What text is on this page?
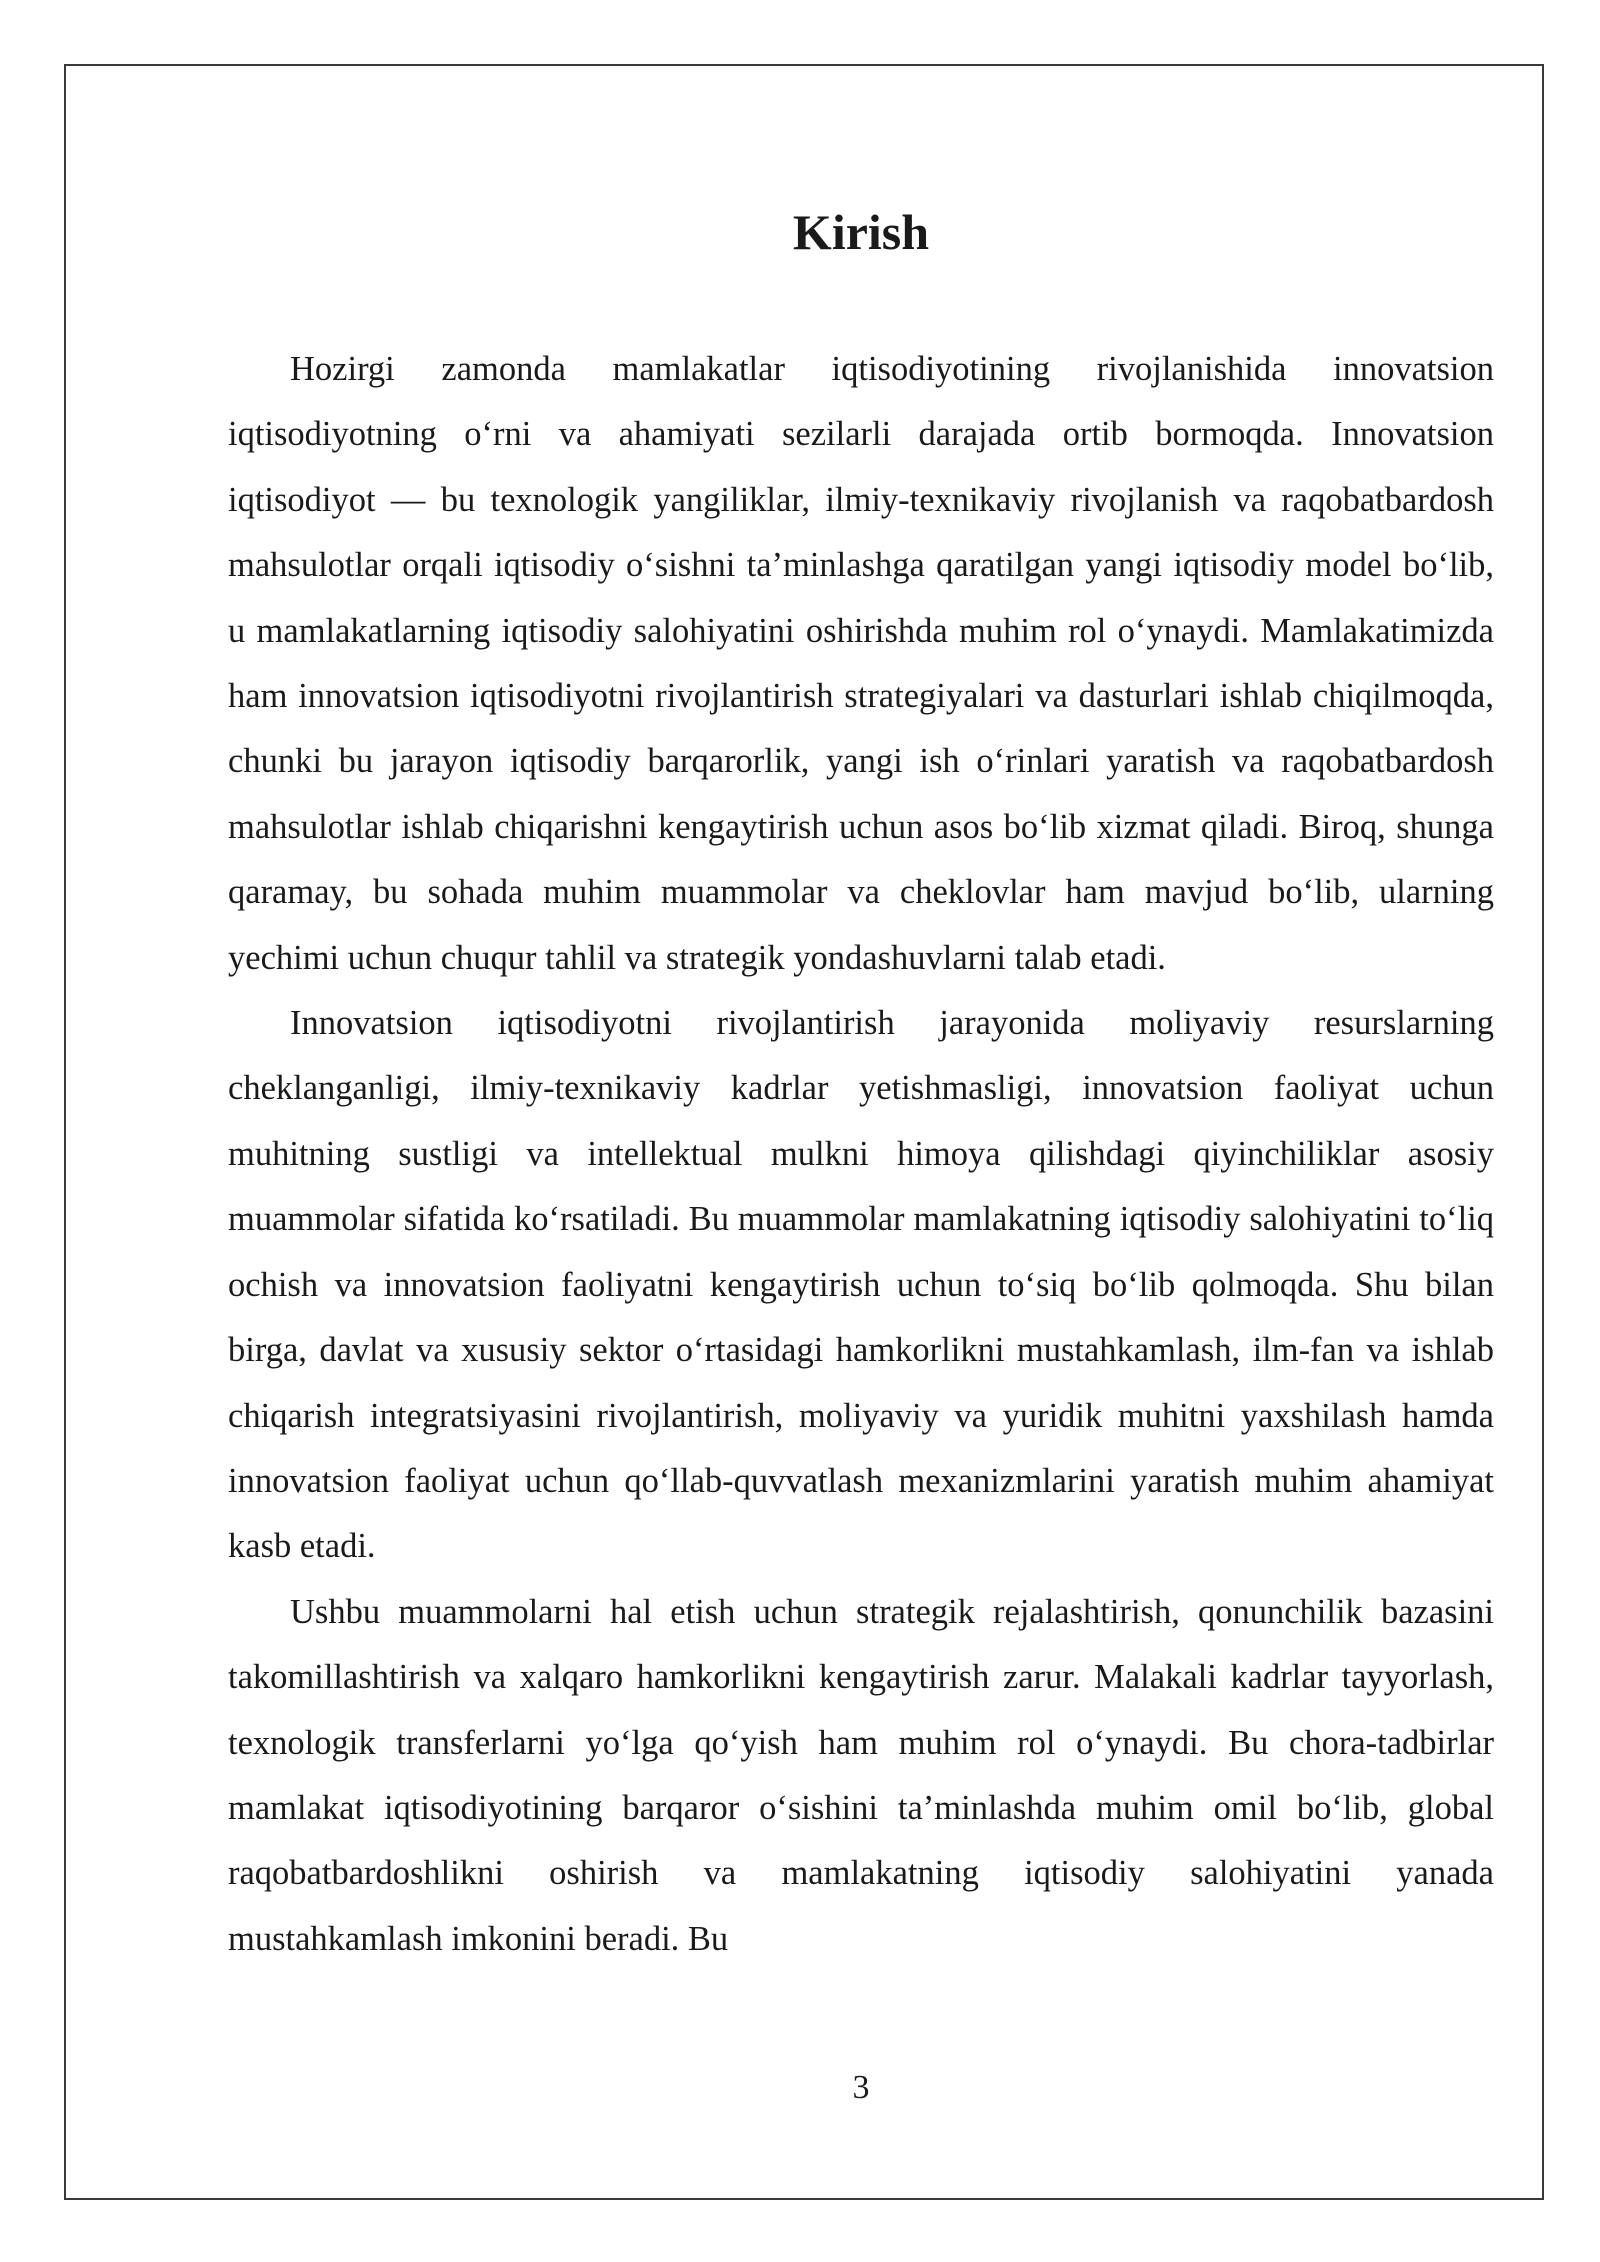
Kirish

Hozirgi zamonda mamlakatlar iqtisodiyotining rivojlanishida innovatsion iqtisodiyotning o‘rni va ahamiyati sezilarli darajada ortib bormoqda. Innovatsion iqtisodiyot — bu texnologik yangiliklar, ilmiy-texnikaviy rivojlanish va raqobatbardosh mahsulotlar orqali iqtisodiy o‘sishni ta’minlashga qaratilgan yangi iqtisodiy model bo‘lib, u mamlakatlarning iqtisodiy salohiyatini oshirishda muhim rol o‘ynaydi. Mamlakatimizda ham innovatsion iqtisodiyotni rivojlantirish strategiyalari va dasturlari ishlab chiqilmoqda, chunki bu jarayon iqtisodiy barqarorlik, yangi ish o‘rinlari yaratish va raqobatbardosh mahsulotlar ishlab chiqarishni kengaytirish uchun asos bo‘lib xizmat qiladi. Biroq, shunga qaramay, bu sohada muhim muammolar va cheklovlar ham mavjud bo‘lib, ularning yechimi uchun chuqur tahlil va strategik yondashuvlarni talab etadi.

Innovatsion iqtisodiyotni rivojlantirish jarayonida moliyaviy resurslarning cheklanganligi, ilmiy-texnikaviy kadrlar yetishmasligi, innovatsion faoliyat uchun muhitning sustligi va intellektual mulkni himoya qilishdagi qiyinchiliklar asosiy muammolar sifatida ko‘rsatiladi. Bu muammolar mamlakatning iqtisodiy salohiyatini to‘liq ochish va innovatsion faoliyatni kengaytirish uchun to‘siq bo‘lib qolmoqda. Shu bilan birga, davlat va xususiy sektor o‘rtasidagi hamkorlikni mustahkamlash, ilm-fan va ishlab chiqarish integratsiyasini rivojlantirish, moliyaviy va yuridik muhitni yaxshilash hamda innovatsion faoliyat uchun qo‘llab-quvvatlash mexanizmlarini yaratish muhim ahamiyat kasb etadi.

Ushbu muammolarni hal etish uchun strategik rejalashtirish, qonunchilik bazasini takomillashtirish va xalqaro hamkorlikni kengaytirish zarur. Malakali kadrlar tayyorlash, texnologik transferlarni yo‘lga qo‘yish ham muhim rol o‘ynaydi. Bu chora-tadbirlar mamlakat iqtisodiyotining barqaror o‘sishini ta’minlashda muhim omil bo‘lib, global raqobatbardoshlikni oshirish va mamlakatning iqtisodiy salohiyatini yanada mustahkamlash imkonini beradi. Bu

3
